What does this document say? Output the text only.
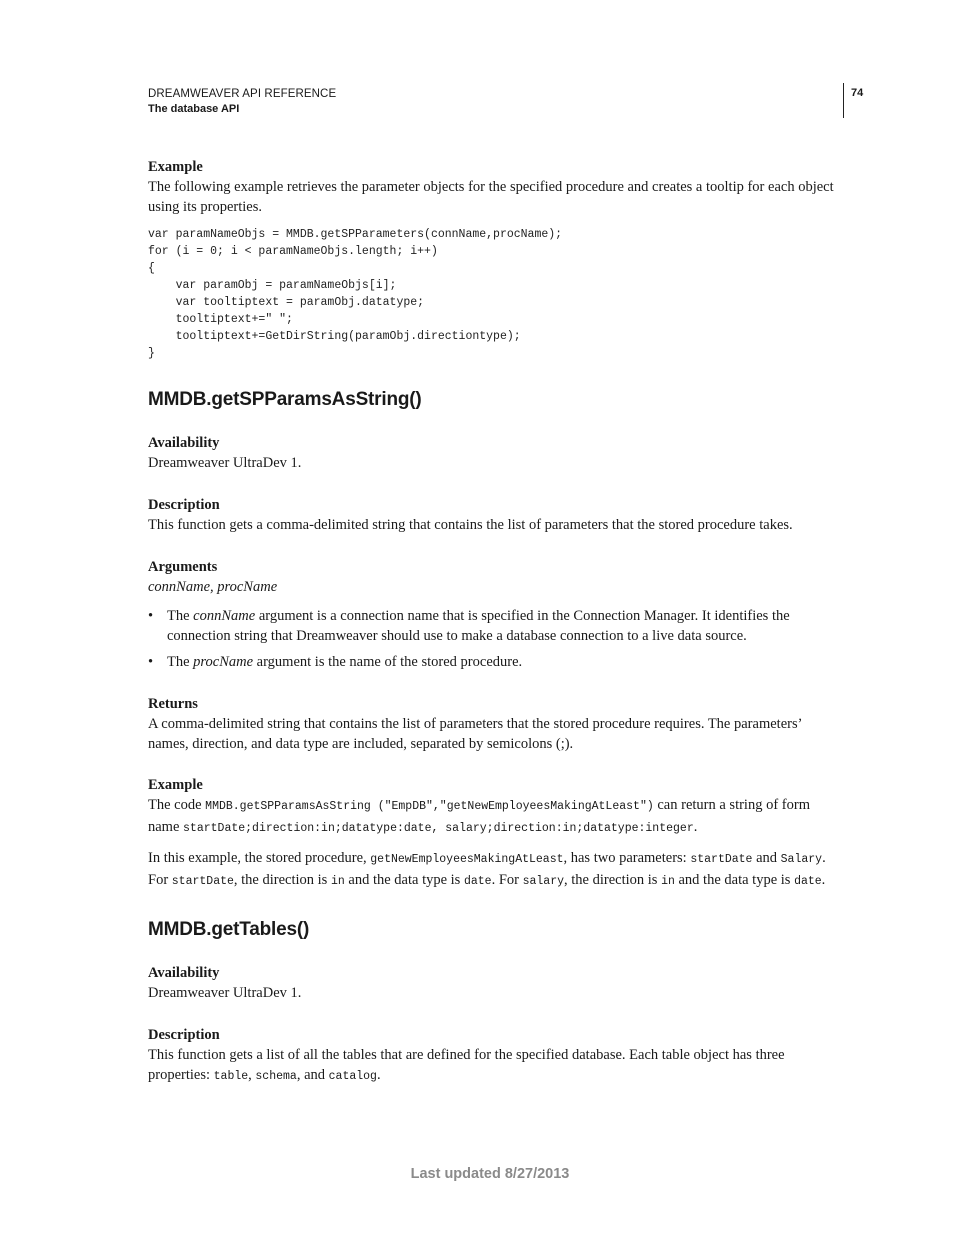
DREAMWEAVER API REFERENCE
The database API
74
Example

The following example retrieves the parameter objects for the specified procedure and creates a tooltip for each object using its properties.

var paramNameObjs = MMDB.getSPParameters(connName,procName);
for (i = 0; i < paramNameObjs.length; i++)
{
var paramObj = paramNameObjs[i];
var tooltiptext = paramObj.datatype;
tooltiptext+=" ";
tooltiptext+=GetDirString(paramObj.directiontype);
}
MMDB.getSPParamsAsString()
Availability

Dreamweaver UltraDev 1.

Description

This function gets a comma-delimited string that contains the list of parameters that the stored procedure takes.

Arguments

connName, procName

• The connName argument is a connection name that is specified in the Connection Manager. It identifies the connection string that Dreamweaver should use to make a database connection to a live data source.
• The procName argument is the name of the stored procedure.
Returns

A comma-delimited string that contains the list of parameters that the stored procedure requires. The parameters’ names, direction, and data type are included, separated by semicolons (;).

Example

The code MMDB.getSPParamsAsString ("EmpDB","getNewEmployeesMakingAtLeast") can return a string of form name startDate;direction:in;datatype:date, salary;direction:in;datatype:integer.

In this example, the stored procedure, getNewEmployeesMakingAtLeast, has two parameters: startDate and Salary. For startDate, the direction is in and the data type is date. For salary, the direction is in and the data type is date.

MMDB.getTables()
Availability

Dreamweaver UltraDev 1.

Description

This function gets a list of all the tables that are defined for the specified database. Each table object has three properties: table, schema, and catalog.

Last updated 8/27/2013
